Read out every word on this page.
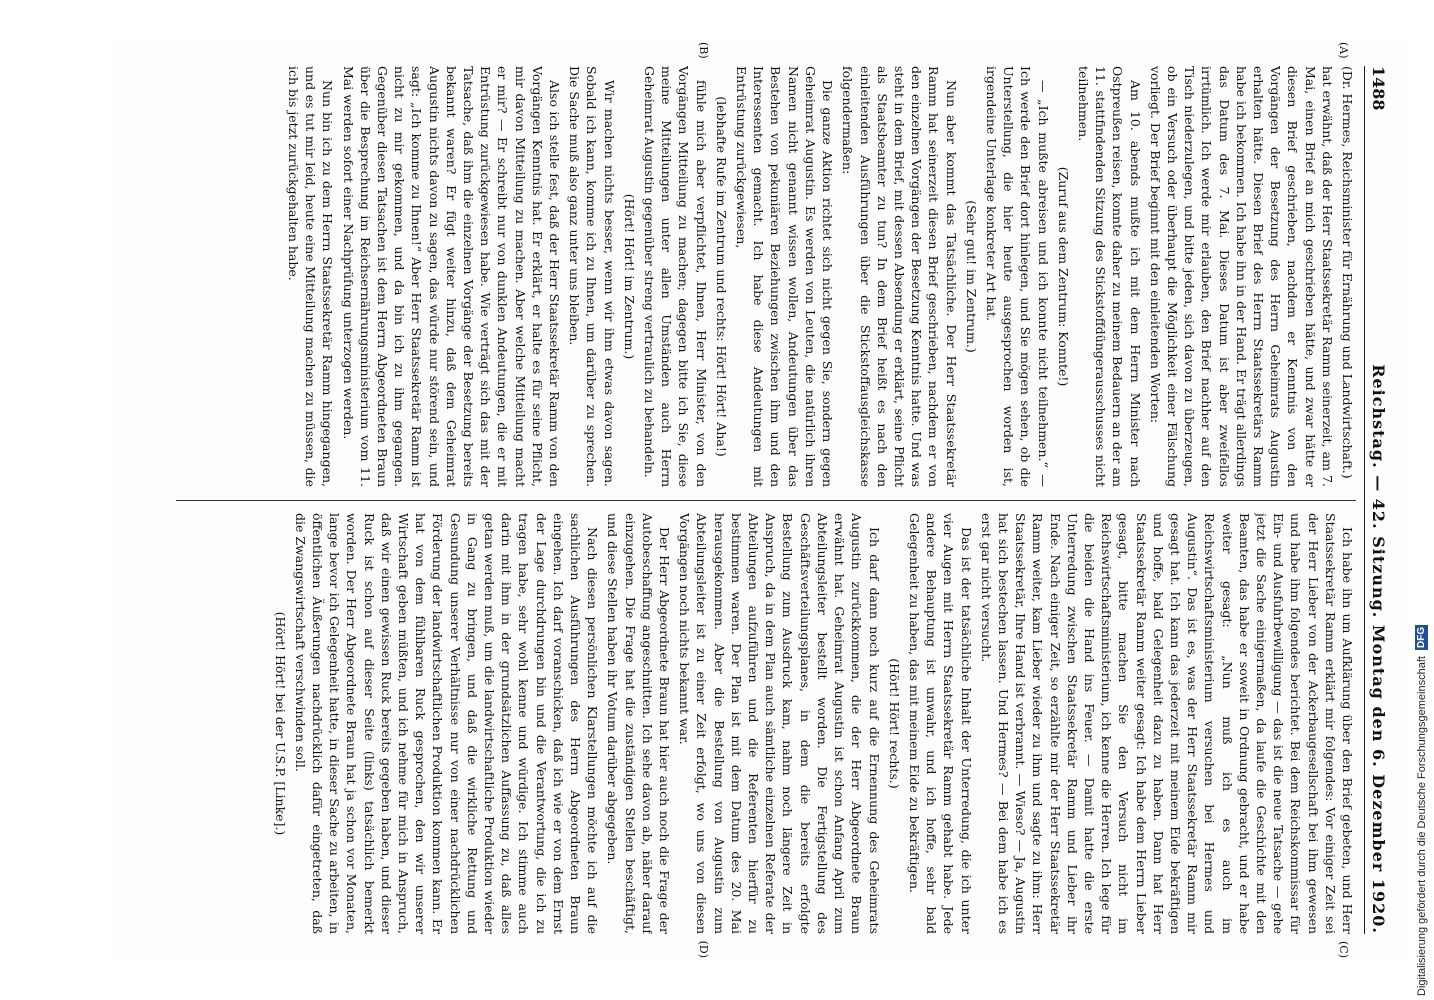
1488
Reichstag. — 42. Sitzung. Montag den 6. Dezember 1920.

(Dr. Hermes, Reichsminister für Ernährung und Landwirtschaft.)

hat erwähnt, daß der Herr Staatssekretär Ramm seinerzeit, am 7. Mai, einen Brief an mich geschrieben hätte, und zwar hätte er diesen Brief geschrieben, nachdem er Kenntnis von den Vorgängen der Besetzung des Herrn Geheimrats Augustin erhalten hätte. Diesen Brief des Herrn Staatssekretärs Ramm habe ich bekommen. Ich habe ihn in der Hand. Er trägt allerdings das Datum des 7. Mai. Dieses Datum ist aber zweifellos irrtümlich. Ich werde mir erlauben, den Brief nachher auf den Tisch niederzulegen, und bitte jeden, sich davon zu überzeugen, ob ein Versuch oder überhaupt die Möglichkeit einer Fälschung vorliegt. Der Brief beginnt mit den einleitenden Worten:

Am 10. abends mußte ich mit dem Herrn Minister nach Ostpreußen reisen, konnte daher zu meinem Bedauern an der am 11. stattfindenden Sitzung des Stickstoffdüngerausschusses nicht teilnehmen.

(Zuruf aus dem Zentrum: Konnte!)

— „Ich mußte abreisen und ich konnte nicht teilnehmen.“ — Ich werde den Brief dort hinlegen, und Sie mögen sehen, ob die Unterstellung, die hier heute ausgesprochen worden ist, irgendeine Unterlage konkreter Art hat.

(Sehr gut! im Zentrum.)

Nun aber kommt das Tatsächliche. Der Herr Staatssekretär Ramm hat seinerzeit diesen Brief geschrieben, nachdem er von den einzelnen Vorgängen der Besetzung Kenntnis hatte. Und was steht in dem Brief, mit dessen Absendung er erklärt, seine Pflicht als Staatsbeamter zu tun? In dem Brief heißt es nach den einleitenden Ausführungen über die Stickstoffausgleichskasse folgendermaßen:

Die ganze Aktion richtet sich nicht gegen Sie, sondern gegen Geheimrat Augustin. Es werden von Leuten, die natürlich ihren Namen nicht genannt wissen wollen, Andeutungen über das Bestehen von pekuniären Beziehungen zwischen ihm und den Interessenten gemacht. Ich habe diese Andeutungen mit Entrüstung zurückgewiesen,

(lebhafte Rufe im Zentrum und rechts: Hört! Hört! Aha!)

fühle mich aber verpflichtet, Ihnen, Herr Minister, von den Vorgängen Mitteilung zu machen; dagegen bitte ich Sie, diese meine Mitteilungen unter allen Umständen auch Herrn Geheimrat Augustin gegenüber streng vertraulich zu behandeln.

(Hört! Hört! im Zentrum.)

Wir machen nichts besser, wenn wir ihm etwas davon sagen. Sobald ich kann, komme ich zu Ihnen, um darüber zu sprechen. Die Sache muß also ganz unter uns bleiben.

Also ich stelle fest, daß der Herr Staatssekretär Ramm von den Vorgängen Kenntnis hat. Er erklärt, er halte es für seine Pflicht, mir davon Mitteilung zu machen. Aber welche Mitteilung macht er mir? — Er schreibt nur von dunklen Andeutungen, die er mit Entrüstung zurückgewiesen habe. Wie verträgt sich das mit der Tatsache, daß ihm die einzelnen Vorgänge der Besetzung bereits bekannt waren? Er fügt weiter hinzu, daß dem Geheimrat Augustin nichts davon zu sagen, das würde nur störend sein, und sagt: „Ich komme zu Ihnen!“ Aber Herr Staatssekretär Ramm ist nicht zu mir gekommen, und da bin ich zu ihm gegangen. Gegenüber diesen Tatsachen ist dem Herrn Abgeordneten Braun über die Besprechung im Reichsernährungsministerium vom 11. Mai werden sofort einer Nachprüfung unterzogen werden.

Nun bin ich zu dem Herrn Staatssekretär Ramm hingegangen, und es tut mir leid, heute eine Mitteilung machen zu müssen, die ich bis jetzt zurückgehalten habe.

Ich habe ihn um Aufklärung über den Brief gebeten, und Herr Staatssekretär Ramm erklärt mir folgendes: Vor einiger Zeit sei der Herr Lieber von der Ackerbaugesellschaft bei ihm gewesen und habe ihm folgendes berichtet. Bei dem Reichskommissar für Ein- und Ausfuhrbewilligung — das ist die neue Tatsache — gehe jetzt die Sache einigermaßen, da laufe die Geschichte mit den Beamten, das habe er soweit in Ordnung gebracht, und er habe weiter gesagt: „Nun muß ich es auch im Reichswirtschaftsministerium versuchen bei Hermes und Augustin“. Das ist es, was der Herr Staatssekretär Ramm mir gesagt hat. Ich kann das jederzeit mit meinem Eide bekräftigen und hoffe, bald Gelegenheit dazu zu haben. Dann hat Herr Staatssekretär Ramm weiter gesagt: Ich habe dem Herrn Lieber gesagt, bitte machen Sie den Versuch nicht im Reichswirtschaftsministerium, ich kenne die Herren. Ich lege für die beiden die Hand ins Feuer. — Damit hatte die erste Unterredung zwischen Staatssekretär Ramm und Lieber ihr Ende. Nach einiger Zeit, so erzählte mir der Herr Staatssekretär Ramm weiter, kam Lieber wieder zu ihm und sagte zu ihm: Herr Staatssekretär, Ihre Hand ist verbrannt. — Wieso? — Ja, Augustin hat sich bestechen lassen. Und Hermes? — Bei dem habe ich es erst gar nicht versucht.

Das ist der tatsächliche Inhalt der Unterredung, die ich unter vier Augen mit Herrn Staatssekretär Ramm gehabt habe. Jede andere Behauptung ist unwahr, und ich hoffe, sehr bald Gelegenheit zu haben, das mit meinem Eide zu bekräftigen.

(Hört! Hört! rechts.)

Ich darf dann noch kurz auf die Ernennung des Geheimrats Augustin zurückkommen, die der Herr Abgeordnete Braun erwähnt hat. Geheimrat Augustin ist schon Anfang April zum Abteilungsleiter bestellt worden. Die Fertigstellung des Geschäftsverteilungsplanes, in dem die bereits erfolgte Bestellung zum Ausdruck kam, nahm noch längere Zeit in Anspruch, da in dem Plan auch sämtliche einzelnen Referate der Abteilungen aufzuführen und die Referenten hierfür zu bestimmen waren. Der Plan ist mit dem Datum des 20. Mai herausgekommen. Aber die Bestellung von Augustin zum Abteilungsleiter ist zu einer Zeit erfolgt, wo uns von diesen Vorgängen noch nichts bekannt war.

Der Herr Abgeordnete Braun hat hier auch noch die Frage der Autobeschaffung angeschnitten. Ich sehe davon ab, näher darauf einzugehen. Die Frage hat die zuständigen Stellen beschäftigt, und diese Stellen haben ihr Votum darüber abgegeben.

Nach diesen persönlichen Klarstellungen möchte ich auf die sachlichen Ausführungen des Herrn Abgeordneten Braun eingehen. Ich darf voranschicken, daß ich wie er von dem Ernst der Lage durchdrungen bin und die Verantwortung, die ich zu tragen habe, sehr wohl kenne und würdige. Ich stimme auch darin mit ihm in der grundsätzlichen Auffassung zu, daß alles getan werden muß, um die landwirtschaftliche Produktion wieder in Gang zu bringen, und daß die wirkliche Rettung und Gesundung unserer Verhältnisse nur von einer nachdrücklichen Förderung der landwirtschaftlichen Produktion kommen kann. Er hat von dem fühlbaren Ruck gesprochen, den wir unserer Wirtschaft geben müßten, und ich nehme für mich in Anspruch, daß wir einen gewissen Ruck bereits gegeben haben, und dieser Ruck ist schon auf dieser Seite (links) tatsächlich bemerkt worden. Der Herr Abgeordnete Braun hat ja schon vor Monaten, lange bevor ich Gelegenheit hatte, in dieser Sache zu arbeiten, in öffentlichen Äußerungen nachdrücklich dafür eingetreten, daß die Zwangswirtschaft verschwinden soll.

(Hört! Hört! bei der U.S.P. [Linke].)

(A)
(B)
(C)
(D)	Digitalisierung gefördert durch die Deutsche Forschungsgemeinschaft
DFG
